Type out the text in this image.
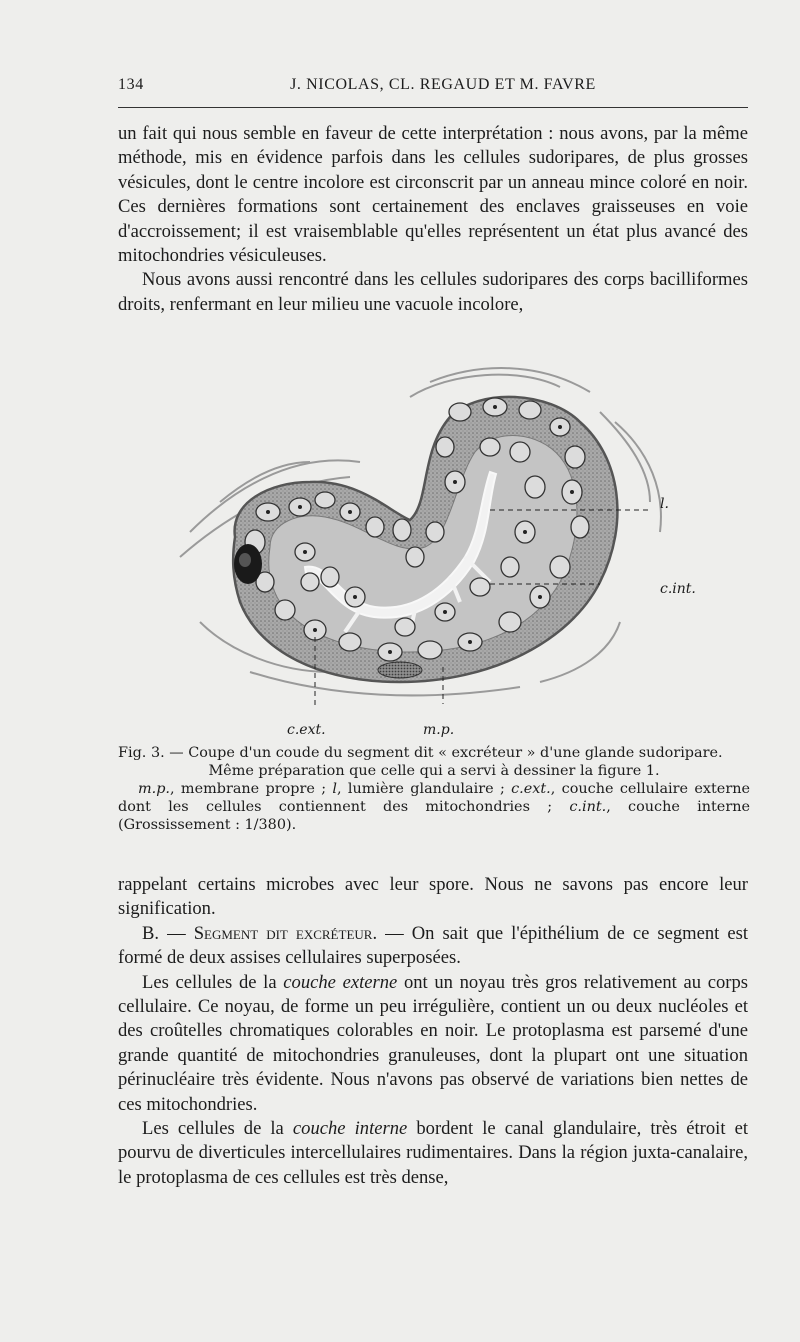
134	J. NICOLAS, CL. REGAUD ET M. FAVRE

un fait qui nous semble en faveur de cette interprétation : nous avons, par la même méthode, mis en évidence parfois dans les cellules sudoripares, de plus grosses vésicules, dont le centre incolore est circonscrit par un anneau mince coloré en noir. Ces dernières formations sont certainement des enclaves graisseuses en voie d'accroissement; il est vraisemblable qu'elles représentent un état plus avancé des mitochondries vésiculeuses.

Nous avons aussi rencontré dans les cellules sudoripares des corps bacilliformes droits, renfermant en leur milieu une vacuole incolore,

l.
c.int.
c.ext.	m.p.
Fig. 3. — Coupe d'un coude du segment dit « excréteur » d'une glande sudoripare.
Même préparation que celle qui a servi à dessiner la figure 1.
m.p., membrane propre ; l, lumière glandulaire ; c.ext., couche cellulaire externe dont les cellules contiennent des mitochondries ; c.int., couche interne (Grossissement : 1/380).

rappelant certains microbes avec leur spore. Nous ne savons pas encore leur signification.

B. — Segment dit excréteur. — On sait que l'épithélium de ce segment est formé de deux assises cellulaires superposées.

Les cellules de la couche externe ont un noyau très gros relativement au corps cellulaire. Ce noyau, de forme un peu irrégulière, contient un ou deux nucléoles et des croûtelles chromatiques colorables en noir. Le protoplasma est parsemé d'une grande quantité de mitochondries granuleuses, dont la plupart ont une situation périnucléaire très évidente. Nous n'avons pas observé de variations bien nettes de ces mitochondries.

Les cellules de la couche interne bordent le canal glandulaire, très étroit et pourvu de diverticules intercellulaires rudimentaires. Dans la région juxta-canalaire, le protoplasma de ces cellules est très dense,
